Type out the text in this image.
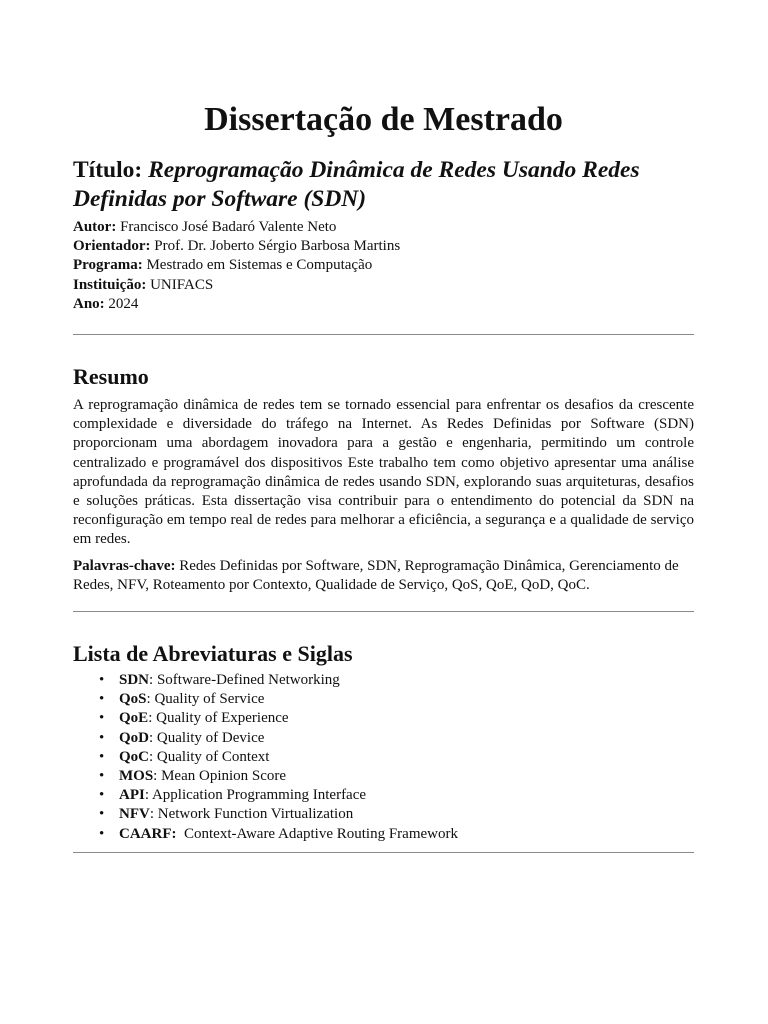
Dissertação de Mestrado
Título: Reprogramação Dinâmica de Redes Usando Redes Definidas por Software (SDN)

Autor: Francisco José Badaró Valente Neto

Orientador: Prof. Dr. Joberto Sérgio Barbosa Martins

Programa: Mestrado em Sistemas e Computação

Instituição: UNIFACS

Ano: 2024

Resumo

A reprogramação dinâmica de redes tem se tornado essencial para enfrentar os desafios da crescente complexidade e diversidade do tráfego na Internet. As Redes Definidas por Software (SDN) proporcionam uma abordagem inovadora para a gestão e engenharia, permitindo um controle centralizado e programável dos dispositivos Este trabalho tem como objetivo apresentar uma análise aprofundada da reprogramação dinâmica de redes usando SDN, explorando suas arquiteturas, desafios e soluções práticas. Esta dissertação visa contribuir para o entendimento do potencial da SDN na reconfiguração em tempo real de redes para melhorar a eficiência, a segurança e a qualidade de serviço em redes.

Palavras-chave: Redes Definidas por Software, SDN, Reprogramação Dinâmica, Gerenciamento de Redes, NFV, Roteamento por Contexto, Qualidade de Serviço, QoS, QoE, QoD, QoC.

Lista de Abreviaturas e Siglas
• SDN: Software-Defined Networking
• QoS: Quality of Service
• QoE: Quality of Experience
• QoD: Quality of Device
• QoC: Quality of Context
• MOS: Mean Opinion Score
• API: Application Programming Interface
• NFV: Network Function Virtualization
• CAARF: Context-Aware Adaptive Routing Framework
